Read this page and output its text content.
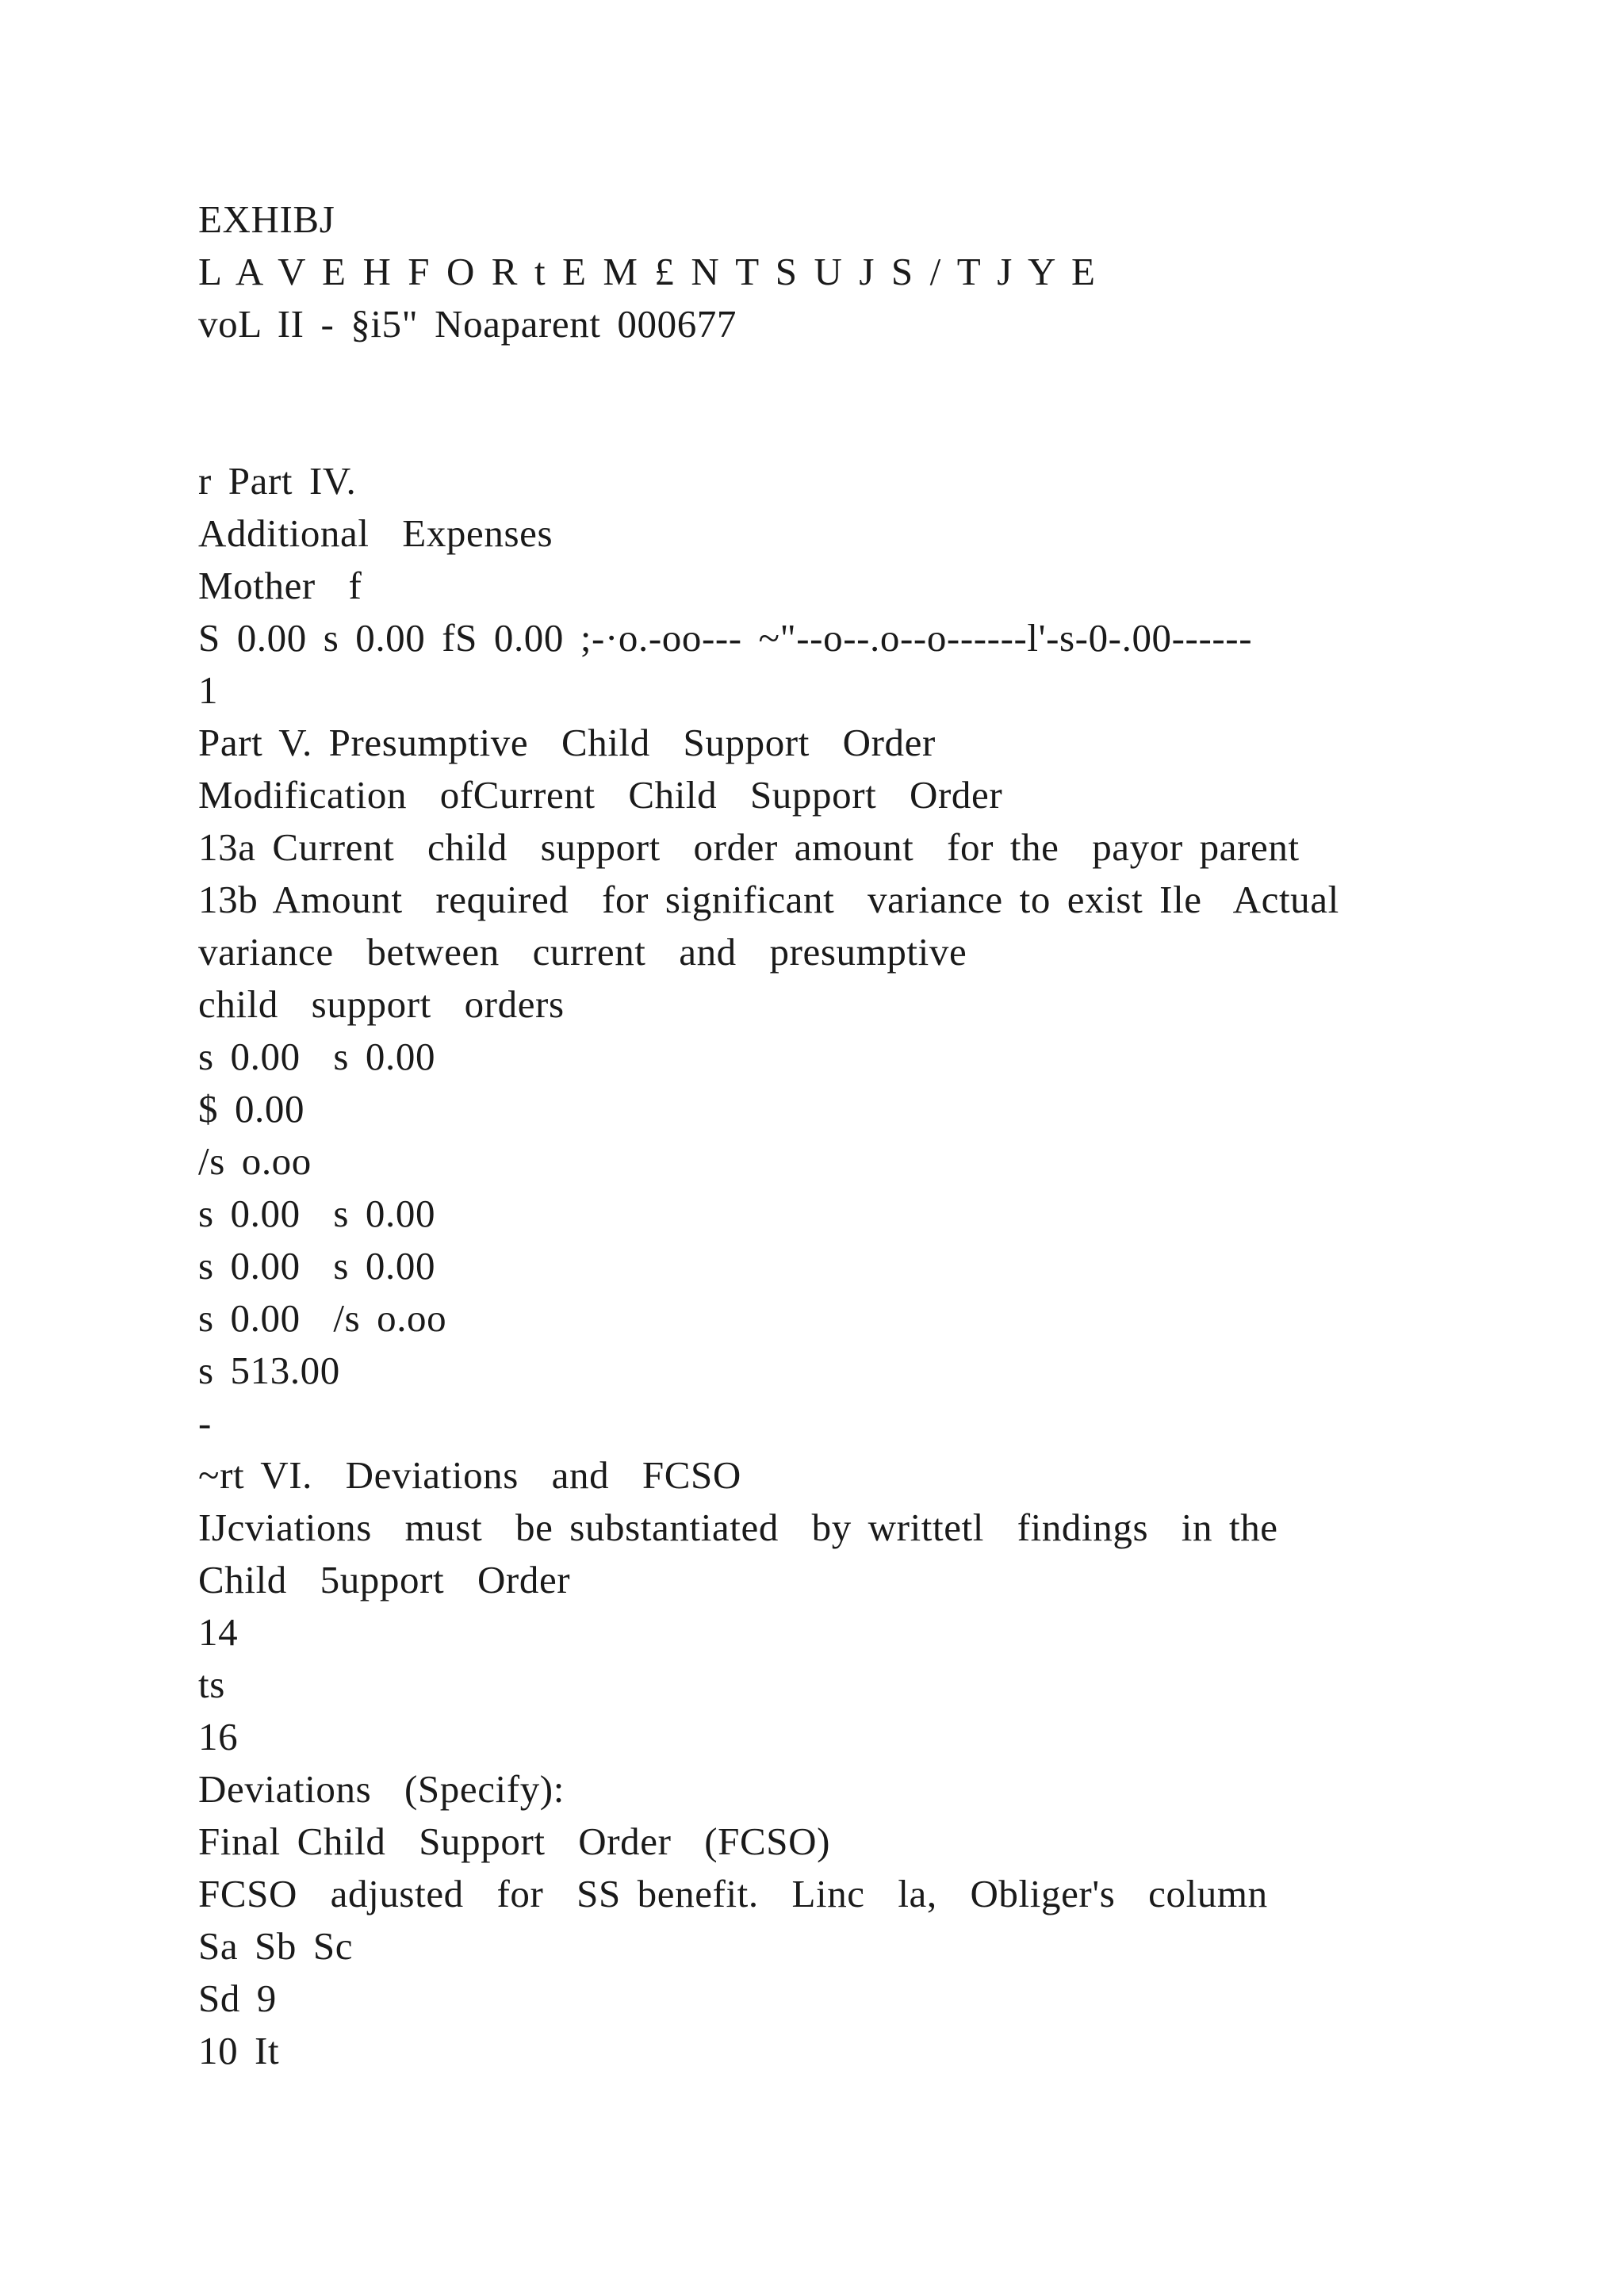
EXHIBJ
L A V E H F O R t E M £ N T S U J S / T J Y E
voL II - §i5" Noaparent 000677
r Part IV.
Additional  Expenses
Mother  f
S 0.00 s 0.00 fS 0.00 ;-·o.-oo--- ~"--o--.o--o------l'-s-0-.00------
1
Part V. Presumptive  Child  Support  Order
Modification  ofCurrent  Child  Support  Order
13a Current  child  support  order amount  for the  payor parent
13b Amount  required  for significant  variance to exist Ile  Actual
variance  between  current  and  presumptive
child  support  orders
s 0.00  s 0.00
$ 0.00
/s o.oo
s 0.00  s 0.00
s 0.00  s 0.00
s 0.00  /s o.oo
s 513.00
-
~rt VI.  Deviations  and  FCSO
IJcviations  must  be substantiated  by writtetl  findings  in the
Child  5upport  Order
14
ts
16
Deviations  (Specify):
Final Child  Support  Order  (FCSO)
FCSO  adjusted  for  SS benefit.  Linc  la,  Obliger's  column
Sa Sb Sc
Sd 9
10 It
